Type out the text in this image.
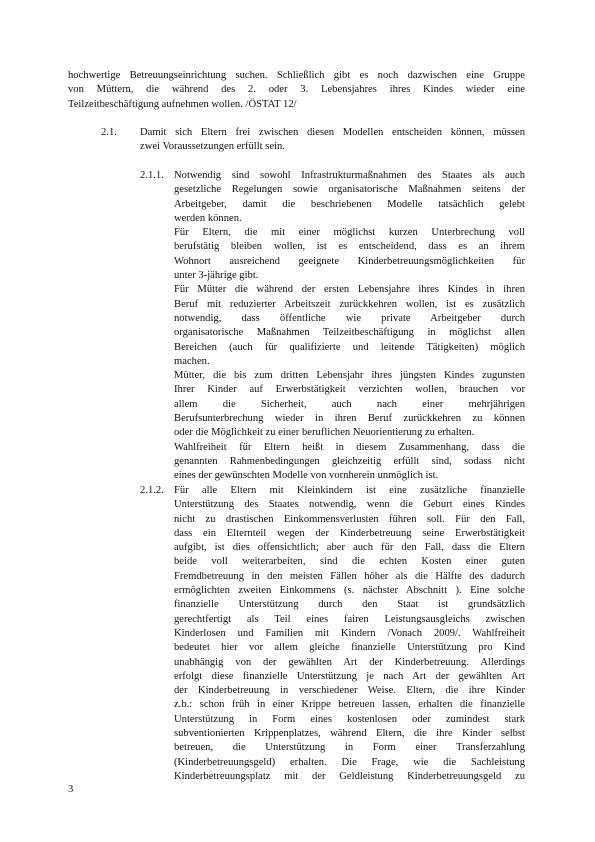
hochwertige Betreuungseinrichtung suchen. Schließlich gibt es noch dazwischen eine Gruppe
von Müttern, die während des 2. oder 3. Lebensjahres ihres Kindes wieder eine
Teilzeitbeschäftigung aufnehmen wollen. /ÖSTAT 12/
2.1. Damit sich Eltern frei zwischen diesen Modellen entscheiden können, müssen
zwei Voraussetzungen erfüllt sein.
2.1.1. Notwendig sind sowohl Infrastrukturmaßnahmen des Staates als auch
gesetzliche Regelungen sowie organisatorische Maßnahmen seitens der
Arbeitgeber, damit die beschriebenen Modelle tatsächlich gelebt
werden können.
Für Eltern, die mit einer möglichst kurzen Unterbrechung voll
berufstätig bleiben wollen, ist es entscheidend, dass es an ihrem
Wohnort ausreichend geeignete Kinderbetreuungsmöglichkeiten für
unter 3-jährige gibt.
Für Mütter die während der ersten Lebensjahre ihres Kindes in ihren
Beruf mit reduzierter Arbeitszeit zurückkehren wollen, ist es zusätzlich
notwendig, dass öffentliche wie private Arbeitgeber durch
organisatorische Maßnahmen Teilzeitbeschäftigung in möglichst allen
Bereichen (auch für qualifizierte und leitende Tätigkeiten) möglich
machen.
Mütter, die bis zum dritten Lebensjahr ihres jüngsten Kindes zugunsten
Ihrer Kinder auf Erwerbstätigkeit verzichten wollen, brauchen vor
allem die Sicherheit, auch nach einer mehrjährigen
Berufsunterbrechung wieder in ihren Beruf zurückkehren zu können
oder die Möglichkeit zu einer beruflichen Neuorientierung zu erhalten.
Wahlfreiheit für Eltern heißt in diesem Zusammenhang, dass die
genannten Rahmenbedingungen gleichzeitig erfüllt sind, sodass nicht
eines der gewünschten Modelle von vornherein unmöglich ist.
2.1.2. Für alle Eltern mit Kleinkindern ist eine zusätzliche finanzielle
Unterstützung des Staates notwendig, wenn die Geburt eines Kindes
nicht zu drastischen Einkommensverlusten führen soll. Für den Fall,
dass ein Elternteil wegen der Kinderbetreuung seine Erwerbstätigkeit
aufgibt, ist dies offensichtlich; aber auch für den Fall, dass die Eltern
beide voll weiterarbeiten, sind die echten Kosten einer guten
Fremdbetreuung in den meisten Fällen höher als die Hälfte des dadurch
ermöglichten zweiten Einkommens (s. nächster Abschnitt ). Eine solche
finanzielle Unterstützung durch den Staat ist grundsätzlich
gerechtfertigt als Teil eines fairen Leistungsausgleichs zwischen
Kinderlosen und Familien mit Kindern /Vonach 2009/. Wahlfreiheit
bedeutet hier vor allem gleiche finanzielle Unterstützung pro Kind
unabhängig von der gewählten Art der Kinderbetreuung. Allerdings
erfolgt diese finanzielle Unterstützung je nach Art der gewählten Art
der Kinderbetreuung in verschiedener Weise. Eltern, die ihre Kinder
z.b.: schon früh in einer Krippe betreuen lassen, erhalten die finanzielle
Unterstützung in Form eines kostenlosen oder zumindest stark
subventionierten Krippenplatzes, während Eltern, die ihre Kinder selbst
betreuen, die Unterstützung in Form einer Transferzahlung
(Kinderbetreuungsgeld) erhalten. Die Frage, wie die Sachleistung
Kinderbetreuungsplatz mit der Geldleistung Kinderbetreuungsgeld zu
3
